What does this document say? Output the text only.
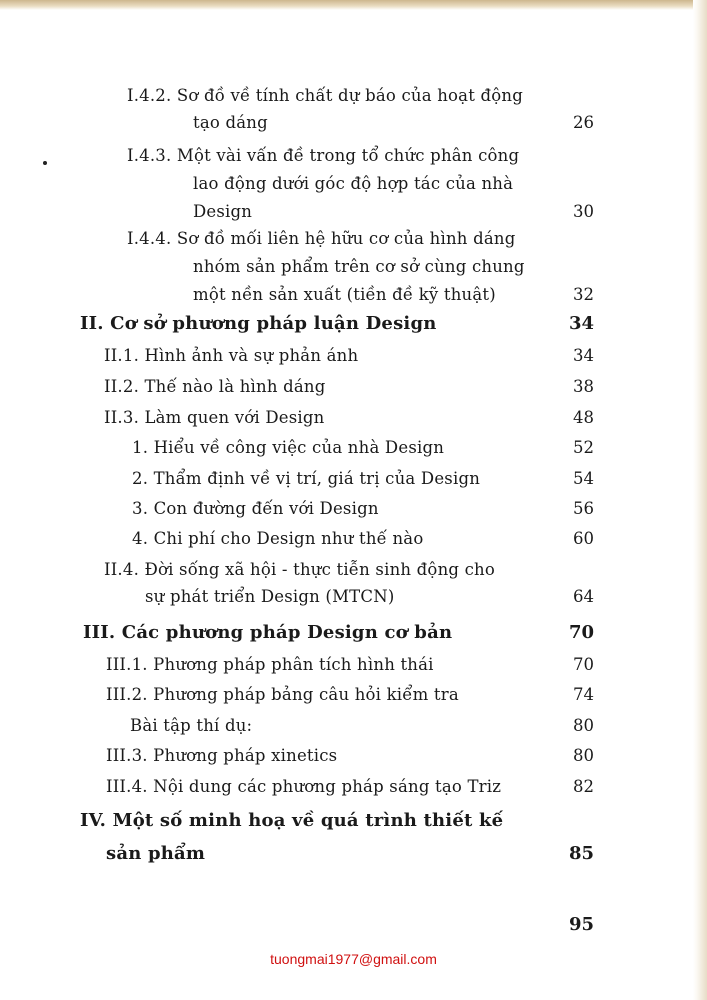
I.4.2. Sơ đồ về tính chất dự báo của hoạt động
tạo dáng	26
I.4.3. Một vài vấn đề trong tổ chức phân công
lao động dưới góc độ hợp tác của nhà
Design	30
I.4.4. Sơ đồ mối liên hệ hữu cơ của hình dáng
nhóm sản phẩm trên cơ sở cùng chung
một nền sản xuất (tiền đề kỹ thuật)	32
II. Cơ sở phương pháp luận Design	34
II.1. Hình ảnh và sự phản ánh	34
II.2. Thế nào là hình dáng	38
II.3. Làm quen với Design	48
1. Hiểu về công việc của nhà Design	52
2. Thẩm định về vị trí, giá trị của Design	54
3. Con đường đến với Design	56
4. Chi phí cho Design như thế nào	60
II.4. Đời sống xã hội - thực tiễn sinh động cho
sự phát triển Design (MTCN)	64
III. Các phương pháp Design cơ bản	70
III.1. Phương pháp phân tích hình thái	70
III.2. Phương pháp bảng câu hỏi kiểm tra	74
Bài tập thí dụ:	80
III.3. Phương pháp xinetics	80
III.4. Nội dung các phương pháp sáng tạo Triz	82
IV. Một số minh hoạ về quá trình thiết kế
sản phẩm	85
95
tuongmai1977@gmail.com
